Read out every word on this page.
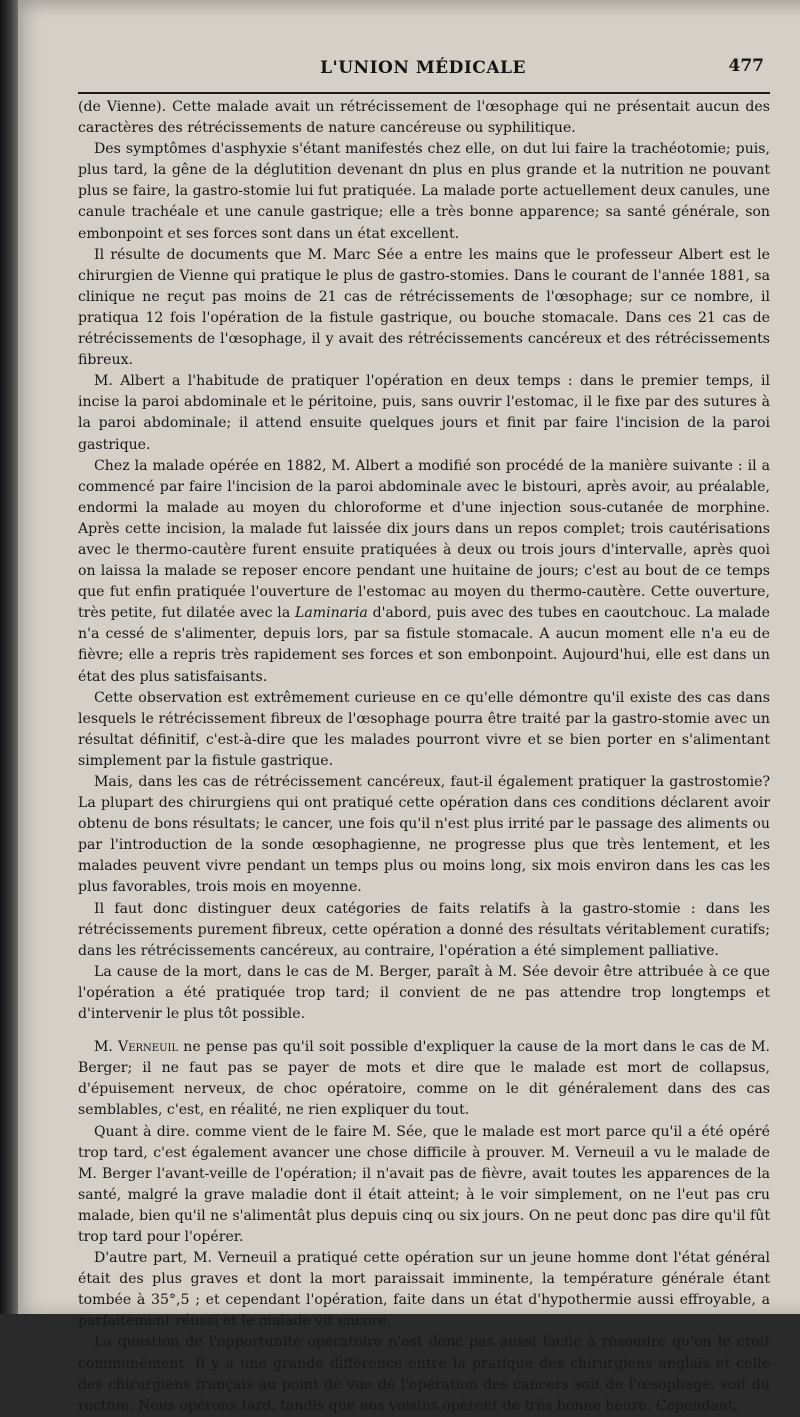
L'UNION MÉDICALE	477

(de Vienne). Cette malade avait un rétrécissement de l'œsophage qui ne présentait aucun des caractères des rétrécissements de nature cancéreuse ou syphilitique.

Des symptômes d'asphyxie s'étant manifestés chez elle, on dut lui faire la trachéotomie; puis, plus tard, la gêne de la déglutition devenant dn plus en plus grande et la nutrition ne pouvant plus se faire, la gastro-stomie lui fut pratiquée. La malade porte actuellement deux canules, une canule trachéale et une canule gastrique; elle a très bonne apparence; sa santé générale, son embonpoint et ses forces sont dans un état excellent.

Il résulte de documents que M. Marc Sée a entre les mains que le professeur Albert est le chirurgien de Vienne qui pratique le plus de gastro-stomies. Dans le courant de l'année 1881, sa clinique ne reçut pas moins de 21 cas de rétrécissements de l'œsophage; sur ce nombre, il pratiqua 12 fois l'opération de la fistule gastrique, ou bouche stomacale. Dans ces 21 cas de rétrécissements de l'œsophage, il y avait des rétrécissements cancéreux et des rétrécissements fibreux.

M. Albert a l'habitude de pratiquer l'opération en deux temps : dans le premier temps, il incise la paroi abdominale et le péritoine, puis, sans ouvrir l'estomac, il le fixe par des sutures à la paroi abdominale; il attend ensuite quelques jours et finit par faire l'incision de la paroi gastrique.

Chez la malade opérée en 1882, M. Albert a modifié son procédé de la manière suivante : il a commencé par faire l'incision de la paroi abdominale avec le bistouri, après avoir, au préalable, endormi la malade au moyen du chloroforme et d'une injection sous-cutanée de morphine. Après cette incision, la malade fut laissée dix jours dans un repos complet; trois cautérisations avec le thermo-cautère furent ensuite pratiquées à deux ou trois jours d'intervalle, après quoi on laissa la malade se reposer encore pendant une huitaine de jours; c'est au bout de ce temps que fut enfin pratiquée l'ouverture de l'estomac au moyen du thermo-cautère. Cette ouverture, très petite, fut dilatée avec la Laminaria d'abord, puis avec des tubes en caoutchouc. La malade n'a cessé de s'alimenter, depuis lors, par sa fistule stomacale. A aucun moment elle n'a eu de fièvre; elle a repris très rapidement ses forces et son embonpoint. Aujourd'hui, elle est dans un état des plus satisfaisants.

Cette observation est extrêmement curieuse en ce qu'elle démontre qu'il existe des cas dans lesquels le rétrécissement fibreux de l'œsophage pourra être traité par la gastro-stomie avec un résultat définitif, c'est-à-dire que les malades pourront vivre et se bien porter en s'alimentant simplement par la fistule gastrique.

Mais, dans les cas de rétrécissement cancéreux, faut-il également pratiquer la gastrostomie? La plupart des chirurgiens qui ont pratiqué cette opération dans ces conditions déclarent avoir obtenu de bons résultats; le cancer, une fois qu'il n'est plus irrité par le passage des aliments ou par l'introduction de la sonde œsophagienne, ne progresse plus que très lentement, et les malades peuvent vivre pendant un temps plus ou moins long, six mois environ dans les cas les plus favorables, trois mois en moyenne.

Il faut donc distinguer deux catégories de faits relatifs à la gastro-stomie : dans les rétrécissements purement fibreux, cette opération a donné des résultats véritablement curatifs; dans les rétrécissements cancéreux, au contraire, l'opération a été simplement palliative.

La cause de la mort, dans le cas de M. Berger, paraît à M. Sée devoir être attribuée à ce que l'opération a été pratiquée trop tard; il convient de ne pas attendre trop longtemps et d'intervenir le plus tôt possible.

M. Verneuil ne pense pas qu'il soit possible d'expliquer la cause de la mort dans le cas de M. Berger; il ne faut pas se payer de mots et dire que le malade est mort de collapsus, d'épuisement nerveux, de choc opératoire, comme on le dit généralement dans des cas semblables, c'est, en réalité, ne rien expliquer du tout.

Quant à dire. comme vient de le faire M. Sée, que le malade est mort parce qu'il a été opéré trop tard, c'est également avancer une chose difficile à prouver. M. Verneuil a vu le malade de M. Berger l'avant-veille de l'opération; il n'avait pas de fièvre, avait toutes les apparences de la santé, malgré la grave maladie dont il était atteint; à le voir simplement, on ne l'eut pas cru malade, bien qu'il ne s'alimentât plus depuis cinq ou six jours. On ne peut donc pas dire qu'il fût trop tard pour l'opérer.

D'autre part, M. Verneuil a pratiqué cette opération sur un jeune homme dont l'état général était des plus graves et dont la mort paraissait imminente, la température générale étant tombée à 35°,5 ; et cependant l'opération, faite dans un état d'hypothermie aussi effroyable, a parfaitement réussi et le malade vit encore.

La question de l'opportunité opératoire n'est donc pas aussi facile à résoudre qu'on le croit communément. Il y a une grande différence entre la pratique des chirurgiens anglais et celle des chirurgiens français au point de vue de l'opération des cancers soit de l'œsophage, soit du rectum. Nous opérons tard, tandis que nos voisins opèrent de très bonne heure. Cependant,
